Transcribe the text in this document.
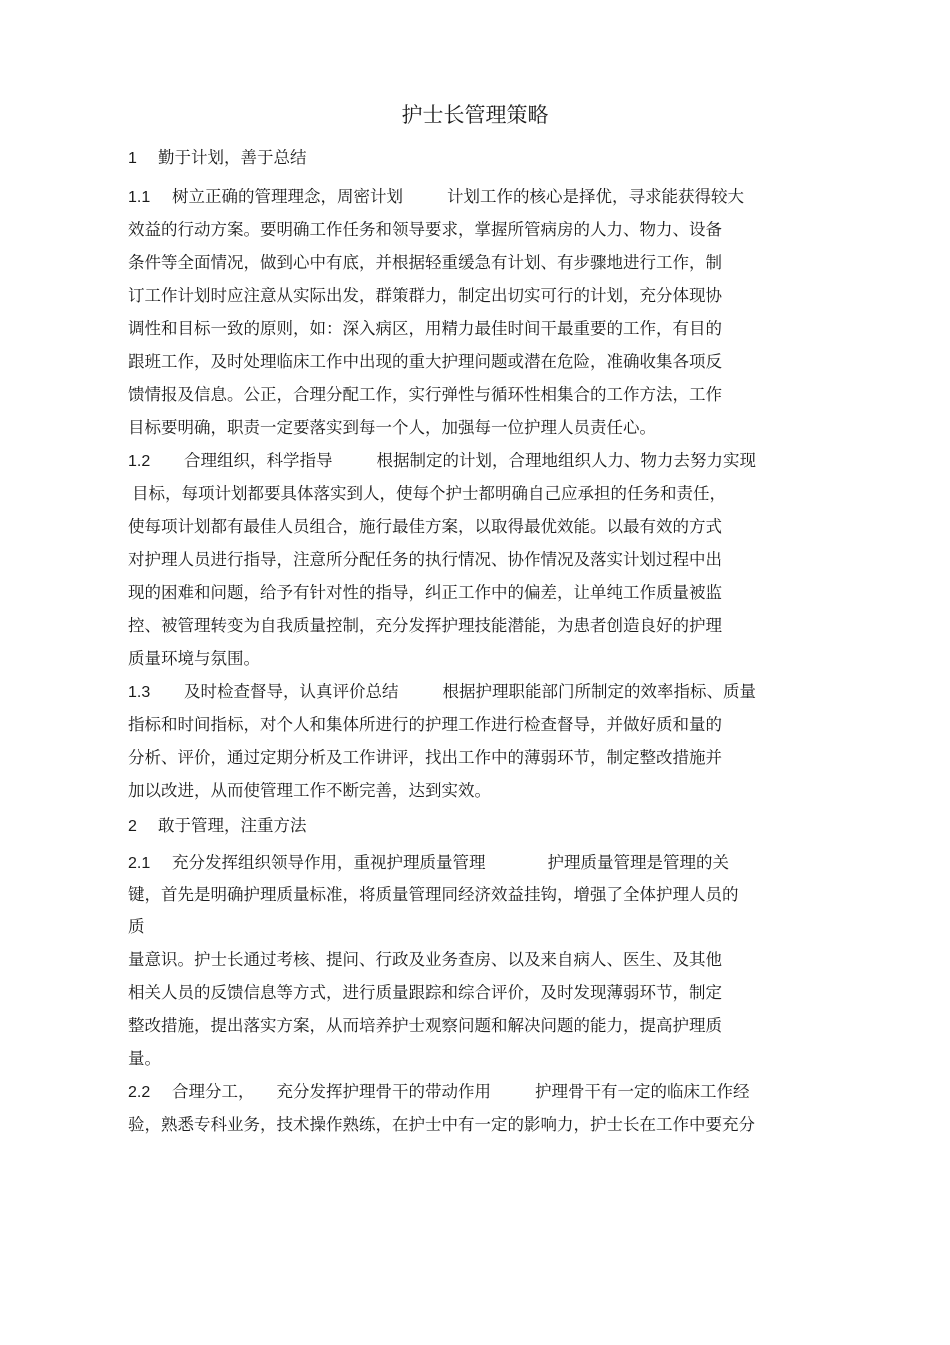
护士长管理策略
1 勤于计划，善于总结
1.1 树立正确的管理理念，周密计划	计划工作的核心是择优，寻求能获得较大
效益的行动方案。要明确工作任务和领导要求，掌握所管病房的人力、物力、设备
条件等全面情况，做到心中有底，并根据轻重缓急有计划、有步骤地进行工作，制
订工作计划时应注意从实际出发，群策群力，制定出切实可行的计划，充分体现协
调性和目标一致的原则，如：深入病区，用精力最佳时间干最重要的工作，有目的
跟班工作，及时处理临床工作中出现的重大护理问题或潜在危险，准确收集各项反
馈情报及信息。公正，合理分配工作，实行弹性与循环性相集合的工作方法，工作
目标要明确，职责一定要落实到每一个人，加强每一位护理人员责任心。
1.2 合理组织，科学指导	根据制定的计划，合理地组织人力、物力去努力实现
目标，每项计划都要具体落实到人，使每个护士都明确自己应承担的任务和责任，
使每项计划都有最佳人员组合，施行最佳方案，以取得最优效能。以最有效的方式
对护理人员进行指导，注意所分配任务的执行情况、协作情况及落实计划过程中出
现的困难和问题，给予有针对性的指导，纠正工作中的偏差，让单纯工作质量被监
控、被管理转变为自我质量控制，充分发挥护理技能潜能，为患者创造良好的护理
质量环境与氛围。
1.3 及时检查督导，认真评价总结	根据护理职能部门所制定的效率指标、质量
指标和时间指标，对个人和集体所进行的护理工作进行检查督导，并做好质和量的
分析、评价，通过定期分析及工作讲评，找出工作中的薄弱环节，制定整改措施并
加以改进，从而使管理工作不断完善，达到实效。
2 敢于管理，注重方法
2.1 充分发挥组织领导作用，重视护理质量管理	护理质量管理是管理的关
键，首先是明确护理质量标准，将质量管理同经济效益挂钩，增强了全体护理人员的
质
量意识。护士长通过考核、提问、行政及业务查房、以及来自病人、医生、及其他
相关人员的反馈信息等方式，进行质量跟踪和综合评价，及时发现薄弱环节，制定
整改措施，提出落实方案，从而培养护士观察问题和解决问题的能力，提高护理质
量。
2.2 合理分工， 充分发挥护理骨干的带动作用	护理骨干有一定的临床工作经
验，熟悉专科业务，技术操作熟练，在护士中有一定的影响力，护士长在工作中要充分
